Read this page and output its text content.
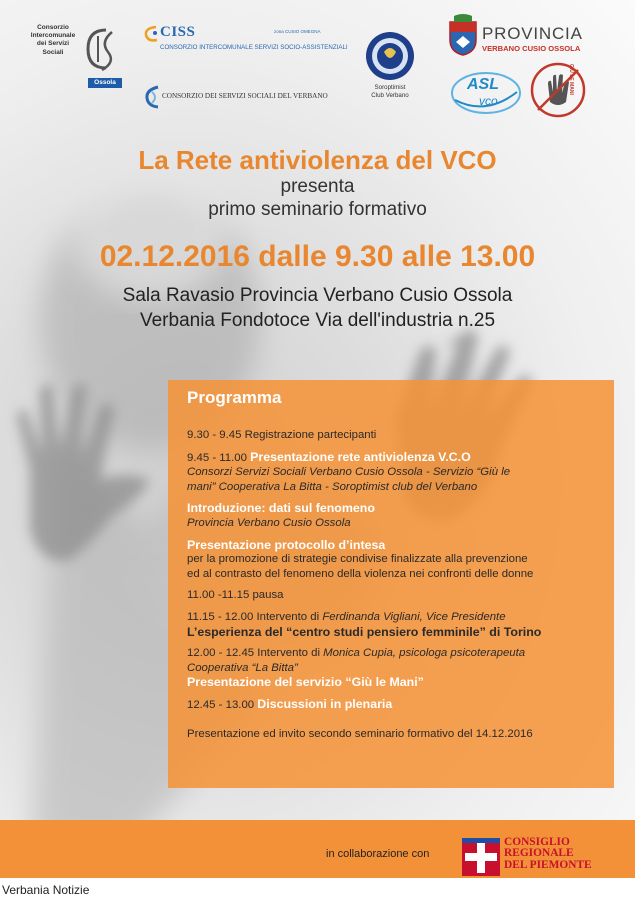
Consorzio
Intercomunale
dei Servizi
Sociali
Ossola
CISS	zona CUSIO OMEGNA
CONSORZIO INTERCOMUNALE SERVIZI SOCIO-ASSISTENZIALI
CONSORZIO DEI SERVIZI SOCIALI DEL VERBANO
Soroptimist
Club Verbano
PROVINCIA
VERBANO CUSIO OSSOLA
ASL
vco
GIÙ LE MANI
La Rete antiviolenza del VCO
presenta
primo seminario formativo
02.12.2016 dalle 9.30 alle 13.00
Sala Ravasio Provincia Verbano Cusio Ossola
Verbania Fondotoce Via dell'industria n.25
Programma
9.30 - 9.45 Registrazione partecipanti
9.45 - 11.00 Presentazione rete antiviolenza V.C.O
Consorzi Servizi Sociali Verbano Cusio Ossola - Servizio “Giù le
mani” Cooperativa La Bitta - Soroptimist club del Verbano
Introduzione: dati sul fenomeno
Provincia Verbano Cusio Ossola
Presentazione protocollo d’intesa
per la promozione di strategie condivise finalizzate alla prevenzione
ed al contrasto del fenomeno della violenza nei confronti delle donne
11.00 -11.15 pausa
11.15 - 12.00 Intervento di Ferdinanda Vigliani, Vice Presidente
L’esperienza del “centro studi pensiero femminile” di Torino
12.00 - 12.45 Intervento di Monica Cupia, psicologa psicoterapeuta
Cooperativa “La Bitta”
Presentazione del servizio “Giù le Mani”
12.45 - 13.00 Discussioni in plenaria
Presentazione ed invito secondo seminario formativo del 14.12.2016
in collaborazione con
CONSIGLIO
REGIONALE
DEL PIEMONTE
Verbania Notizie
